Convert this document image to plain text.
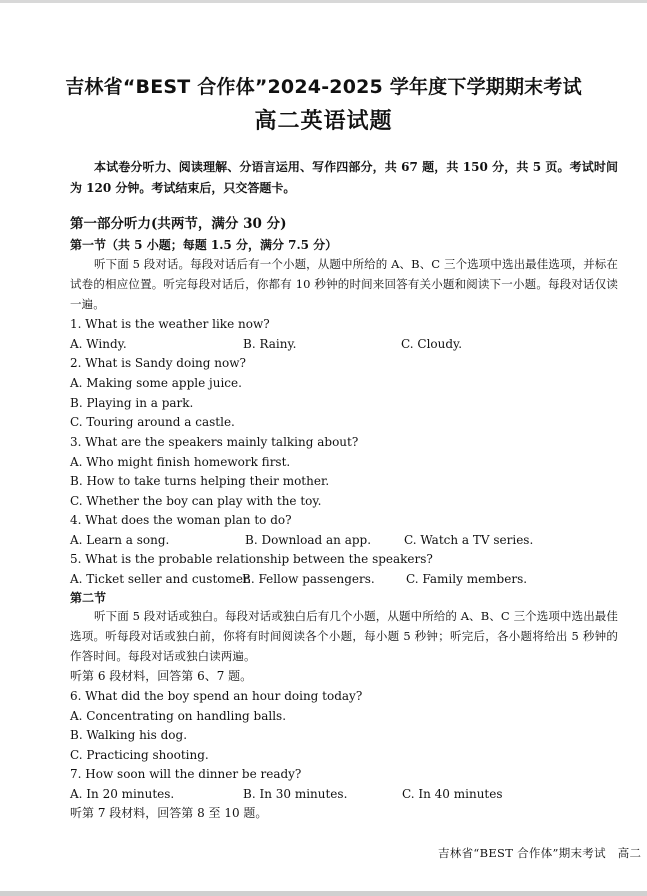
吉林省“BEST 合作体”2024-2025 学年度下学期期末考试
高二英语试题
本试卷分听力、阅读理解、分语言运用、写作四部分，共 67 题，共 150 分，共 5 页。考试时间为 120 分钟。考试结束后，只交答题卡。
第一部分听力(共两节，满分 30 分)
第一节（共 5 小题；每题 1.5 分，满分 7.5 分）
听下面 5 段对话。每段对话后有一个小题，从题中所给的 A、B、C 三个选项中选出最佳选项，并标在试卷的相应位置。听完每段对话后，你都有 10 秒钟的时间来回答有关小题和阅读下一小题。每段对话仅读一遍。
1. What is the weather like now?
A. Windy.	B. Rainy.	C. Cloudy.
2. What is Sandy doing now?
A. Making some apple juice.
B. Playing in a park.
C. Touring around a castle.
3. What are the speakers mainly talking about?
A. Who might finish homework first.
B. How to take turns helping their mother.
C. Whether the boy can play with the toy.
4. What does the woman plan to do?
A. Learn a song.	B. Download an app.	C. Watch a TV series.
5. What is the probable relationship between the speakers?
A. Ticket seller and customer.
B. Fellow passengers.	C. Family members.
第二节
听下面 5 段对话或独白。每段对话或独白后有几个小题，从题中所给的 A、B、C 三个选项中选出最佳选项。听每段对话或独白前，你将有时间阅读各个小题，每小题 5 秒钟；听完后，各小题将给出 5 秒钟的作答时间。每段对话或独白读两遍。
听第 6 段材料，回答第 6、7 题。
6. What did the boy spend an hour doing today?
A. Concentrating on handling balls.
B. Walking his dog.
C. Practicing shooting.
7. How soon will the dinner be ready?
A. In 20 minutes.	B. In 30 minutes.	C. In 40 minutes
听第 7 段材料，回答第 8 至 10 题。
吉林省“BEST 合作体”期末考试　高二
